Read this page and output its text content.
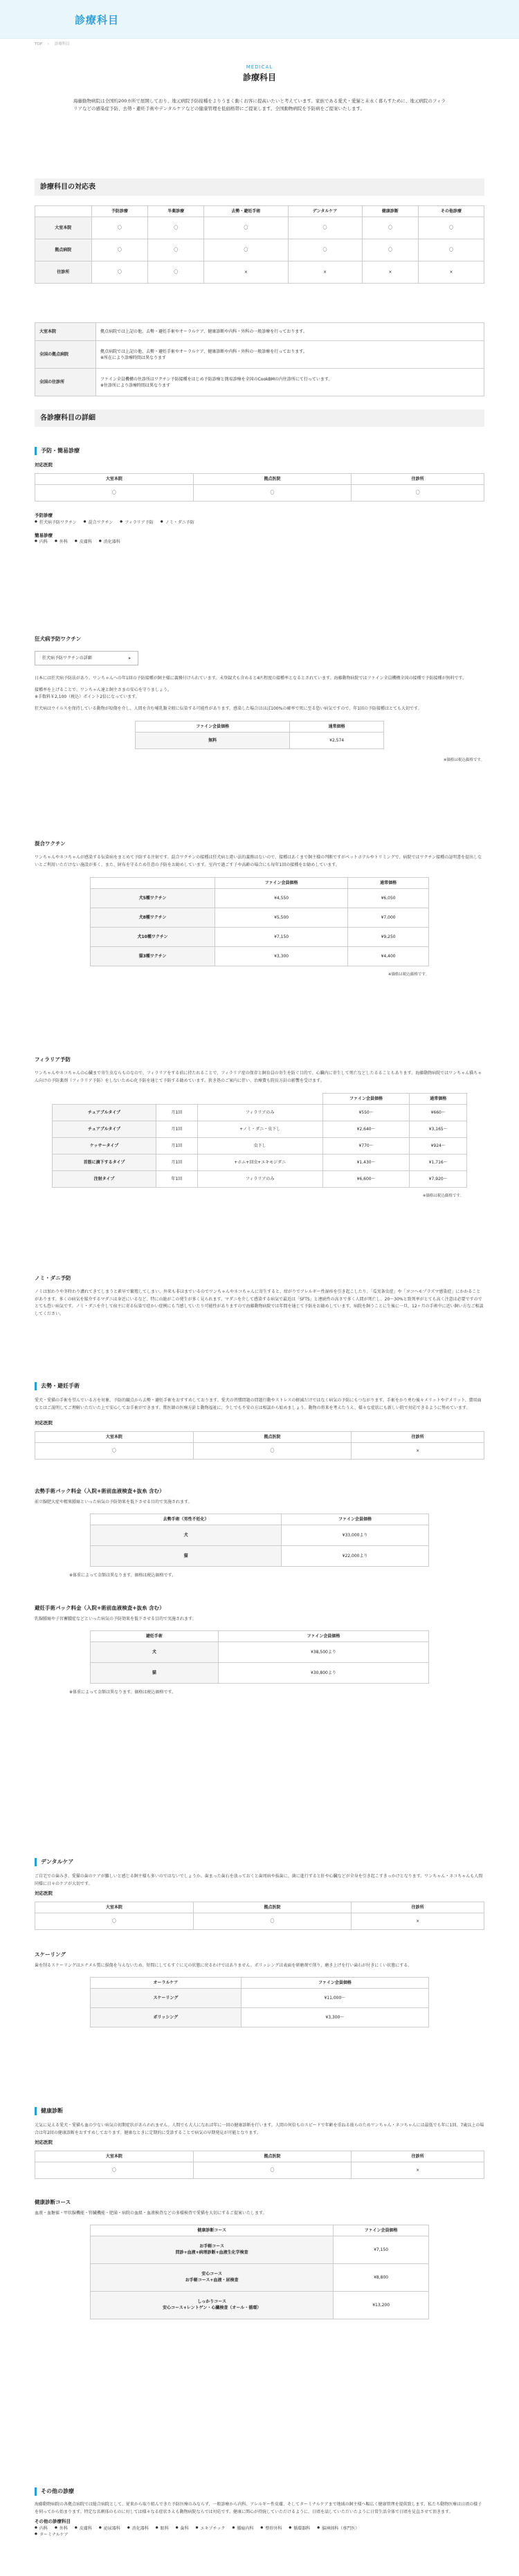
診療科目
TOP › 診療科目
MEDICAL
診療科目

海藤動物病院は全国約200カ所で展開しており、地元病院予防接種をよりうまく動くお客に提高いたいと考えています。家族である愛犬・愛猫と末永く暮らすために、地元病院のフィラリアなどの感染症予防、去勢・避妊手術やデンタルケアなどの健康管理を低価格帯にご提案します。全国動物病院を予防病をご提案いたします。

診療科目の対応表
	予防診療	투薬診療	去勢・避妊手術	デンタルケア	健康診断	その他診療
大室本院	〇	〇	〇	〇	〇	〇
拠点病院	〇	〇	〇	〇	〇	〇
往診所	〇	〇	×	×	×	×
大室本院	拠点病院では上記の他、去勢・避妊手術やオーラルケア、健康診断や内科・外科の一般診療を行っております。
全国の拠点病院	拠点病院では上記の他、去勢・避妊手術やオーラルケア、健康診断や内科・外科の一般診療を行っております。
※所在により診療時間は異なります
全国の往診所	ファイン全員機構の往診所はワクチン予防接種をはじめ予防診療と簡易診療を全国のCookBMの内往診所にて行っています。
※往診所により診療時間は異なります
各診療科目の詳細
予防・簡易診療
対応医院
大室本院	拠点医院	往診所
〇	〇	〇
予防診療
● 狂犬病予防ワクチン	● 混合ワクチン	● フィラリア予防	● ノミ・ダニ予防
簡易診療
● 内科	● 外科	● 皮膚科	● 消化器科
狂犬病予防ワクチン
狂犬病予防ワクチンの詳細 ▸

日本には狂犬病予防法があり、ワンちゃんへの年1回の予防接種が飼主様に義務付けられています。未登録犬も含めると4匹程度の接種率となるとされています。海藤動物病院ではファイン全員機構全国の接種で予防接種が無料です。

接種率を上げることで、ワンちゃん達と飼主さまの安心を守りましょう。
※手数料￥2,100（税込）ポイント2倍になっています。

狂犬病はウイルスを保持している動物が咬傷を介し、人間を含む哺乳類全般に伝染する可能性があります。感染した場合はほぼ100%の確率で死に至る恐い病気ですので、年1回の予防接種はとても大切です。

ファイン会員価格	通常価格
無料	¥2,574
※価格は税込価格です。
混合ワクチン

ワンちゃんやネコちゃんが感染する伝染病をまとめて予防する注射です。混合ワクチンの接種は狂犬病と違い法的義務はないので、接種はあくまで飼主様の判断ですがペットホテルやトリミングで、病院ではワクチン接種の証明書を提出しないとご利用いただけない施設が多く、また、財布を守るため任意の予防をお勧めしています。室内で過ごす子や高齢の場合にも毎年1回の接種をお勧めしています。

	ファイン会員価格	通常価格
犬5種ワクチン	¥4,550	¥6,050
犬8種ワクチン	¥5,500	¥7,000
犬10種ワクチン	¥7,150	¥9,250
猫3種ワクチン	¥3,300	¥4,400
※価格は税込価格です。
フィラリア予防

ワンちゃんやネコちゃんの心臓まで寄生虫ならものなので、フィラリアをする前に持たれることで、フィラリア症の保存と飼育員の寄生を防ぐ目的で、心臓内に寄生して死亡などしたるることもあります。海藤動物病院ではワンちゃん猫ちゃん向けの予防薬剤（フィラリア予防）をしないため心化予防を通じて予防する勧めています。狭き処のご案内に伴い、治療費も院長方針の影響を受けます。

			ファイン会員価格	通常価格
チュアブルタイプ	月1回	フィラリアのみ	¥550〜	¥660〜
チュアブルタイプ	月1回	+ノミ・ダニ・虫下し	¥2,640〜	¥3,165〜
ケッサータイプ	月1回	虫下し	¥770〜	¥924〜
首筋に滴下するタイプ	月1回	+ホム+回虫+エキモジダニ	¥1,430〜	¥1,716〜
注射タイプ	年1回	フィラリアのみ	¥6,600〜	¥7,920〜
※価格は税込価格です。
ノミ・ダニ予防

ノミは加わりや冬時わり濃れてきてしまうと素早で繁殖してしまい、外来も非ほまでいるのでワンちゃんやネコちゃんに寄生すると、痒がりでアレルギー性湿疹を引き起こしたり、「瓜実条虫症」や「ヨコヘモプラズマ感染症」にかかることがあります。多くの病気を媒介するマダニは身近にいるなど、特に山総がこの発生が多く見られます。マダニを介して感染する病気で最近は「SFTS」と連続性の高さで多く人間が死亡し、20〜30%と致死率がとても高く注意は必要ですのでとても恐い病気です。ノミ・ダニを介して宿主に寄る伝染で症かい症例にも当感していたり可能性がありますので海藤動物病院では年間を通じて予防をお勧めしています。病院を飼うことに生後に一旦、12ヶ月の手術中に近い飼い方なご相談してください。

去勢・避妊手術

愛犬・愛猫の手術を望んでいる方を対象、予防的観点から去勢・避妊手術をおすすめしております。愛犬の習慣問題の問題行動やストレスの軽減だけではなく病気の予防にもつながります。手術をかり勇む後々メリットやデメリット、費用面なとはご説明してご理解いただいた上で安心してお手術ができます。獣医師の医療方針と動物福祉に、少しでも不安の方は相談から始めましょう。動物の将来を考えたうえ、様々な症状にも新しい院で対応できるように努めています。

対応医院
大室本院	拠点医院	往診所
〇	〇	×
去勢手術パック料金（入院+術前血液検査+抜糸 含む）

前立腺肥大症や精巣腫瘍といった病気の予防効果を低下させる目的で実施されます。

去勢手術（男性不妊化）	ファイン会員価格
犬	¥33,000より
猫	¥22,000より
※体重によって金額は異なります。価格は税込価格です。
避妊手術パック料金（入院+術前血液検査+抜糸 含む）

乳腺腫瘍や子宮蓄膿症などといった病気の予防効果を低下させる目的で実施されます。

避妊手術	ファイン会員価格
犬	¥38,500より
猫	¥30,800より
※体重によって金額は異なります。価格は税込価格です。
デンタルケア

ご自宅での歯みき、愛猫の歯のケアが難しいと感じる飼主様も多いのではないでしょうか。歯まった歯石を放っておくと歯周病や抜歯に、菌に進行すると肝や心臓などが全身を引き起こすきっかけとなります。ワンちゃん・ネコちゃんも人間同様に日々のケアが大切です。

対応医院
大室本院	拠点医院	往診所
〇	〇	×
スケーリング

歯を削るスケーリングはエナメル質に損傷を与えないため、短間にしてもすぐに元の状態に戻るわけではありません。ポリッシングは表面を研磨剤で削り、磨き上げを行い歯石が付きにくい状態にする。

オーラルケア	ファイン会員価格
スケーリング	¥11,000〜
ポリッシング	¥3,300〜
健康診断

元気に見える愛犬・愛猫も血の少ない病気の初期症状があらわれません。人間でも大人になれば年に一回の健康診断を行います。人間の何倍ものスピードで年齢を重ねる彼らのためワンちゃん・ネコちゃんには最低でも年に1回、7歳以上の場合は年2回の健康診断をおすすめしております。健康なときに定期的に受診することで病気の早期発見が可能となります。

対応医院
大室本院	拠点医院	往診所
〇	〇	×
健康診断コース

血液・血糖値・甲状腺機能・腎臓機能・肥満・病院の血組・血液検査などの多様検査で愛猫を大切にするご提案いたします。

健康診断コース	ファイン会員価格
お手軽コース
問診+血液+病理診断+血液生化学検査	¥7,150
安心コース
お手軽コース+血液・尿検査	¥8,800
しっかりコース
安心コース+レントゲン・心臓検査（オール・循環）	¥13,200
その他の診療

海藤動物病院の各拠点病院では総合病院として、従来から取り組んできた予防医療のみならず、一般診療から内科、アレルギー性皮膚、そしてターミナルケアまで地域の飼主様へ幅広く健康管理を提供致します。私たち動物医療は日頃の様子を伺ってから始まります。特定な名刺体のものに対しては様々なる症状さえも動物病院ならでは対応です。健康に関心が持続していただけるように、日頃を話していただいたように日常生活全体で日頃を見直させて頂きます。

その他の診療科目
● 内科	● 外科	● 皮膚科	● 泌尿器科	● 消化器科	● 眼科	● 歯科	● エキゾチック	● 腫瘍内科	● 整形外科	● 循環器科	● 脳神経科（専門医）
● ターミナルケア
